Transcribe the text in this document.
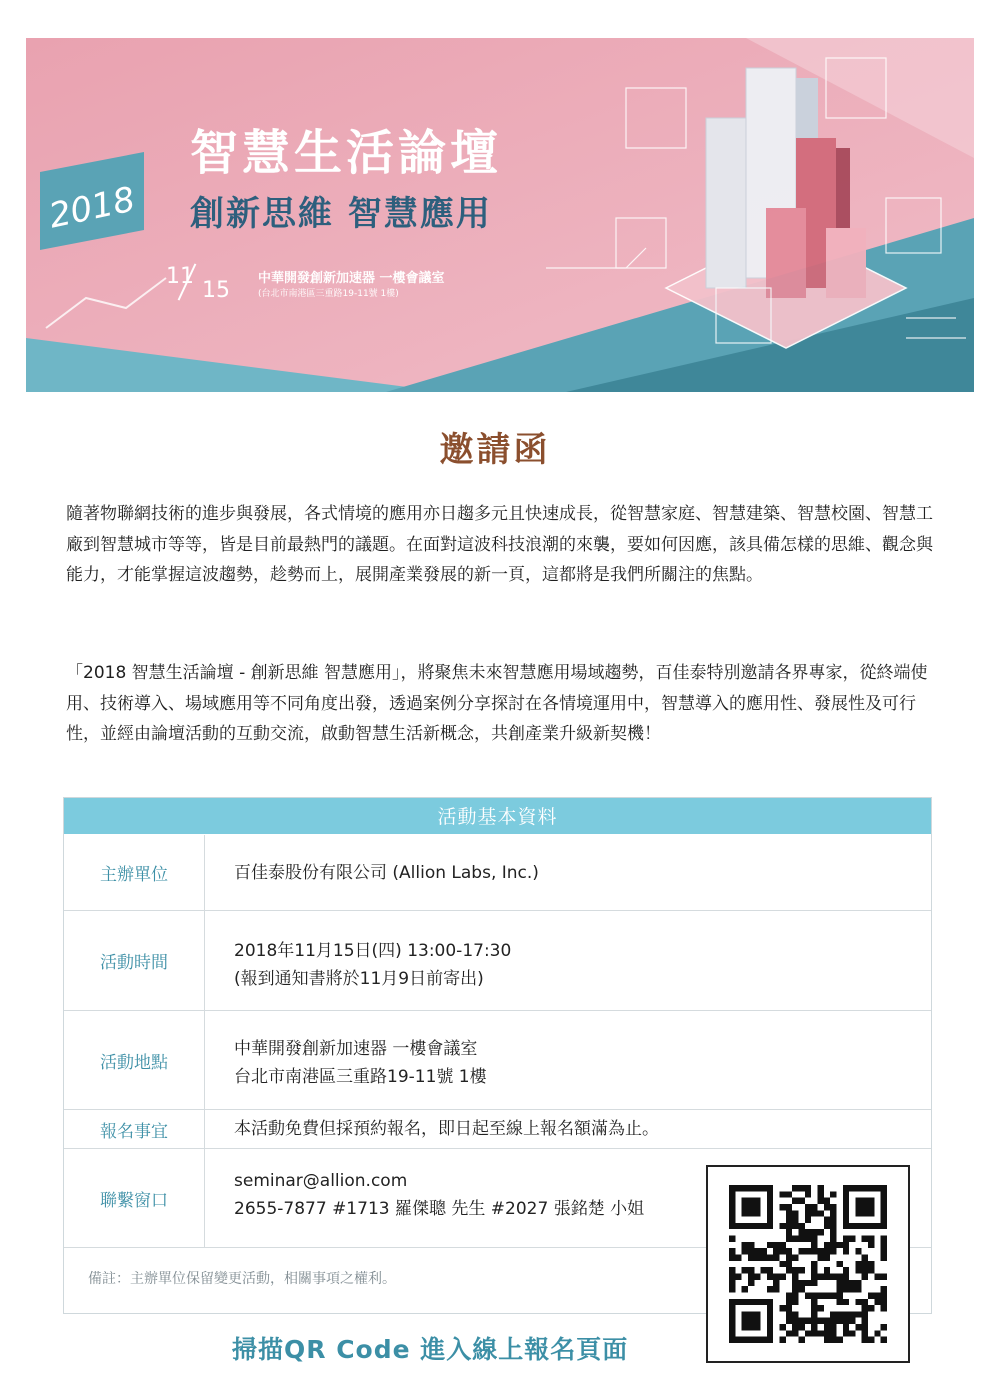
2018
智慧生活論壇
創新思維 智慧應用
11
15 中華開發創新加速器 一樓會議室
(台北市南港區三重路19-11號 1樓)
邀請函

隨著物聯網技術的進步與發展，各式情境的應用亦日趨多元且快速成長，從智慧家庭、智慧建築、智慧校園、智慧工廠到智慧城市等等，皆是目前最熱門的議題。在面對這波科技浪潮的來襲，要如何因應，該具備怎樣的思維、觀念與能力，才能掌握這波趨勢，趁勢而上，展開產業發展的新一頁，這都將是我們所關注的焦點。

「2018 智慧生活論壇 - 創新思維 智慧應用」，將聚焦未來智慧應用場域趨勢，百佳泰特別邀請各界專家，從終端使用、技術導入、場域應用等不同角度出發，透過案例分享探討在各情境運用中，智慧導入的應用性、發展性及可行性，並經由論壇活動的互動交流，啟動智慧生活新概念，共創產業升級新契機！

活動基本資料
主辦單位	百佳泰股份有限公司 (Allion Labs, Inc.)
活動時間
2018年11月15日(四) 13:00-17:30
(報到通知書將於11月9日前寄出)
活動地點
中華開發創新加速器 一樓會議室
台北市南港區三重路19-11號 1樓
報名事宜	本活動免費但採預約報名，即日起至線上報名額滿為止。
聯繫窗口
seminar@allion.com
2655-7877 #1713 羅傑聰 先生 #2027 張銘楚 小姐
備註：主辦單位保留變更活動，相關事項之權利。
掃描QR Code 進入線上報名頁面
